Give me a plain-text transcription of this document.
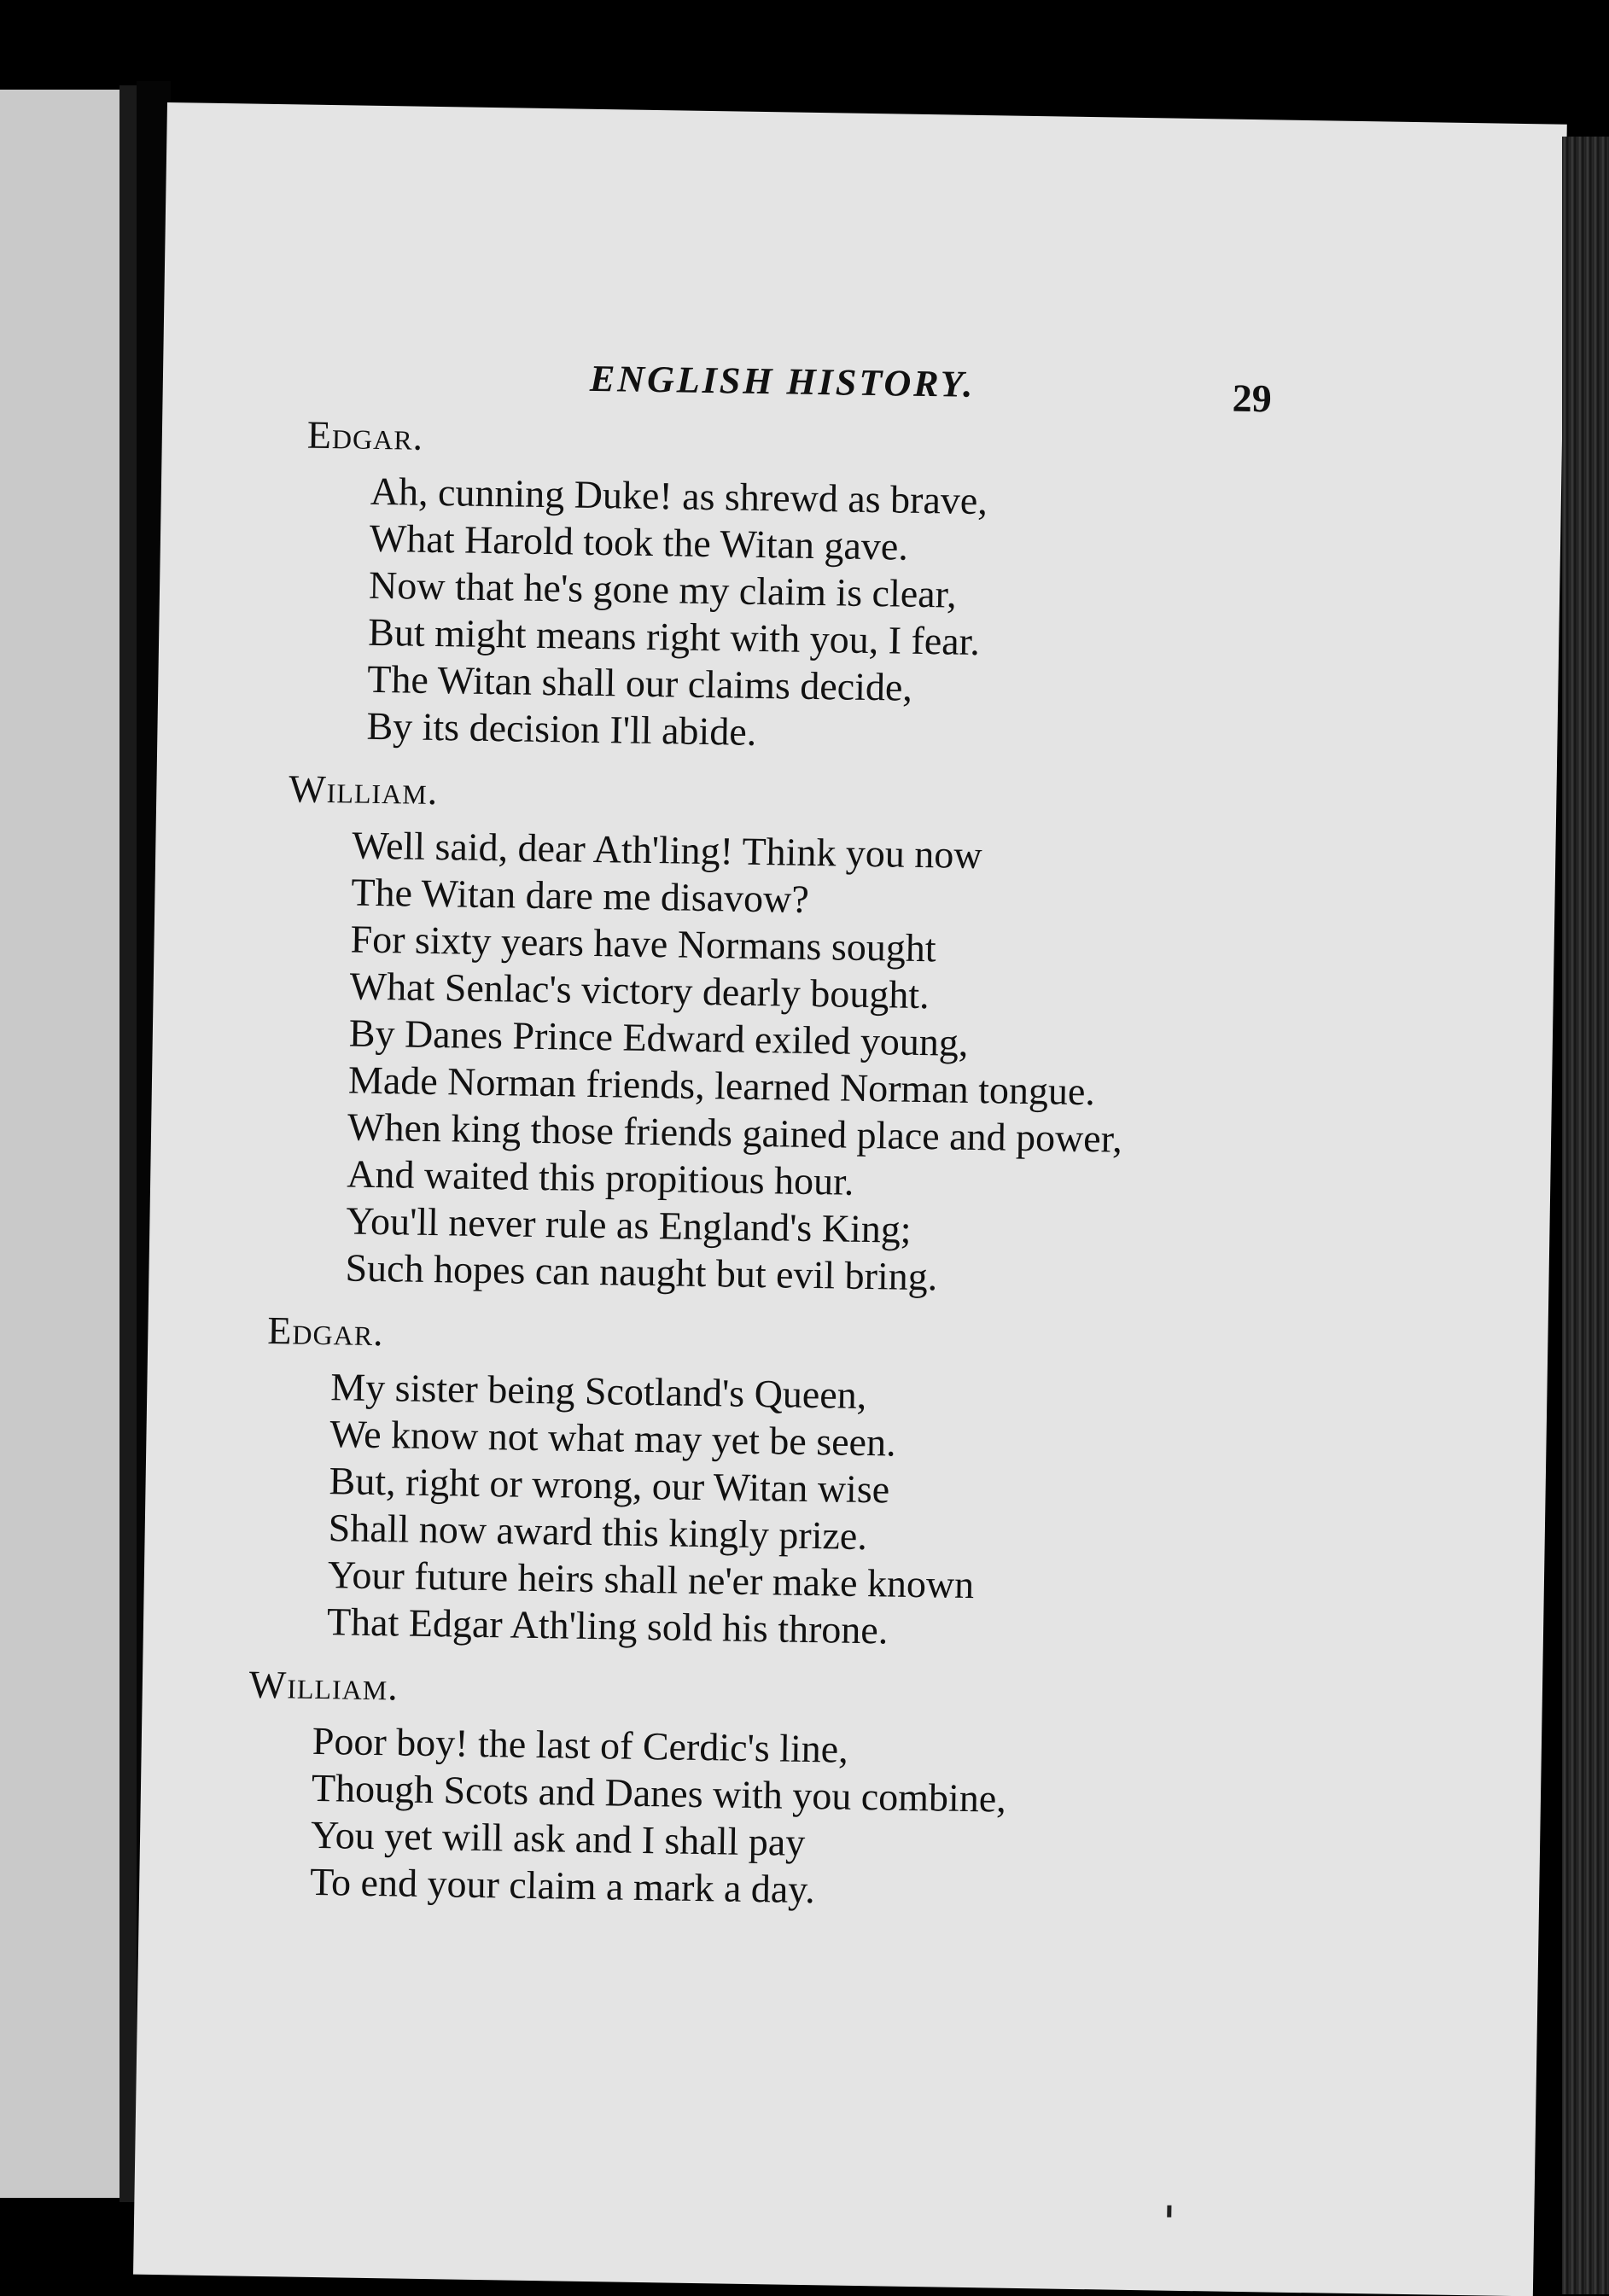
ENGLISH HISTORY.	29
Edgar.
Ah, cunning Duke! as shrewd as brave,
What Harold took the Witan gave.
Now that he's gone my claim is clear,
But might means right with you, I fear.
The Witan shall our claims decide,
By its decision I'll abide.
William.
Well said, dear Ath'ling! Think you now
The Witan dare me disavow?
For sixty years have Normans sought
What Senlac's victory dearly bought.
By Danes Prince Edward exiled young,
Made Norman friends, learned Norman tongue.
When king those friends gained place and power,
And waited this propitious hour.
You'll never rule as England's King;
Such hopes can naught but evil bring.
Edgar.
My sister being Scotland's Queen,
We know not what may yet be seen.
But, right or wrong, our Witan wise
Shall now award this kingly prize.
Your future heirs shall ne'er make known
That Edgar Ath'ling sold his throne.
William.
Poor boy! the last of Cerdic's line,
Though Scots and Danes with you combine,
You yet will ask and I shall pay
To end your claim a mark a day.
